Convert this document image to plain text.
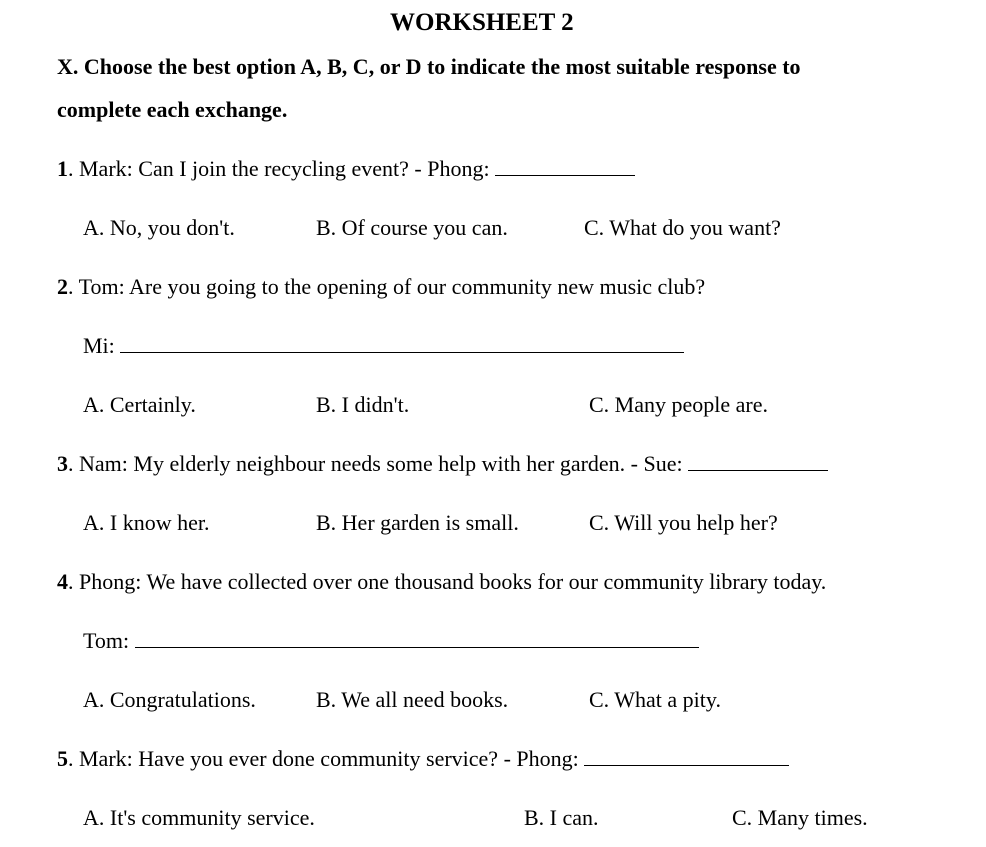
WORKSHEET 2
X. Choose the best option A, B, C, or D to indicate the most suitable response to
complete each exchange.
1. Mark: Can I join the recycling event? - Phong:
A. No, you don't.	B. Of course you can.	C. What do you want?
2. Tom: Are you going to the opening of our community new music club?
Mi:
A. Certainly.	B. I didn't.	C. Many people are.
3. Nam: My elderly neighbour needs some help with her garden. - Sue:
A. I know her.	B. Her garden is small.	C. Will you help her?
4. Phong: We have collected over one thousand books for our community library today.
Tom:
A. Congratulations.	B. We all need books.	C. What a pity.
5. Mark: Have you ever done community service? - Phong:
A. It's community service.	B. I can.	C. Many times.
